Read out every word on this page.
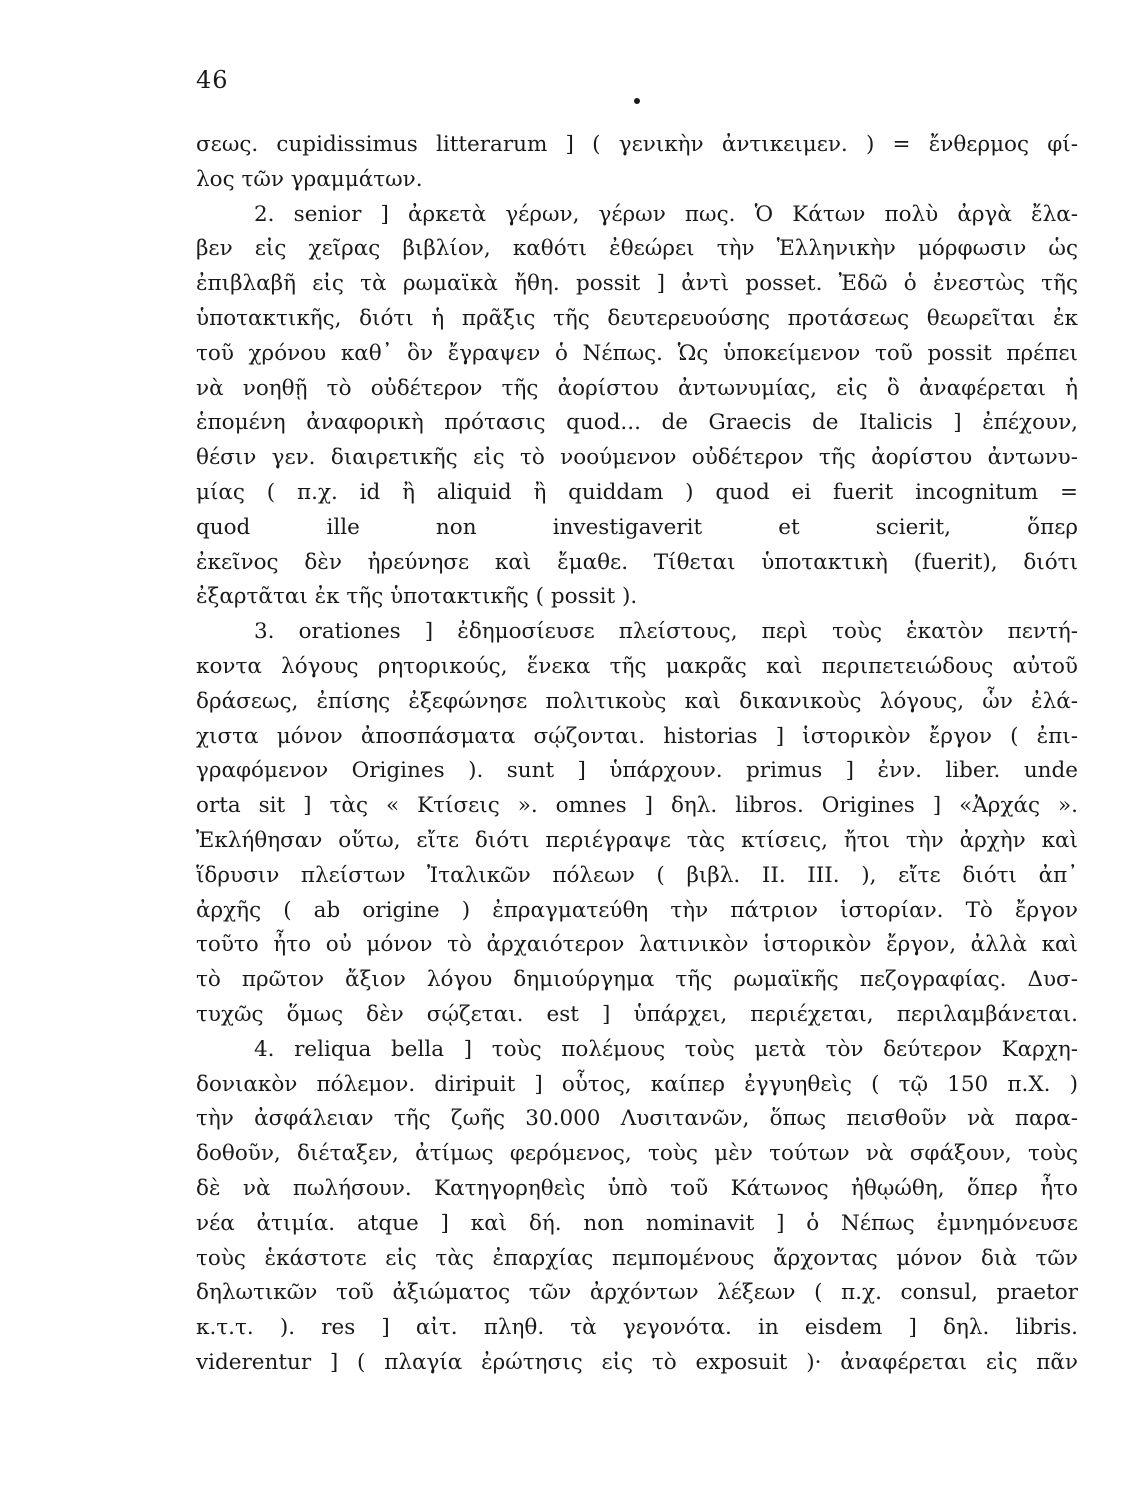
46
σεως. cupidissimus litterarum ] ( γενικὴν ἀντικειμεν. ) = ἔνθερμος φί-
λος τῶν γραμμάτων.
2. senior ] ἀρκετὰ γέρων, γέρων πως. Ὁ Κάτων πολὺ ἀργὰ ἔλα-
βεν εἰς χεῖρας βιβλίον, καθότι ἐθεώρει τὴν Ἑλληνικὴν μόρφωσιν ὡς
ἐπιβλαβῆ εἰς τὰ ρωμαϊκὰ ἤθη. possit ] ἀντὶ posset. Ἐδῶ ὁ ἐνεστὼς τῆς
ὑποτακτικῆς, διότι ἡ πρᾶξις τῆς δευτερευούσης προτάσεως θεωρεῖται ἐκ
τοῦ χρόνου καθ᾽ ὃν ἔγραψεν ὁ Νέπως. Ὡς ὑποκείμενον τοῦ possit πρέπει
νὰ νοηθῇ τὸ οὐδέτερον τῆς ἀορίστου ἀντωνυμίας, εἰς ὃ ἀναφέρεται ἡ
ἑπομένη ἀναφορικὴ πρότασις quod... de Graecis de Italicis ] ἐπέχουν,
θέσιν γεν. διαιρετικῆς εἰς τὸ νοούμενον οὐδέτερον τῆς ἀορίστου ἀντωνυ-
μίας ( π.χ. id ἢ aliquid ἢ quiddam ) quod ei fuerit incognitum =
quod ille non investigaverit et scierit, ὅπερ
ἐκεῖνος δὲν ἠρεύνησε καὶ ἔμαθε. Τίθεται ὑποτακτικὴ (fuerit), διότι
ἐξαρτᾶται ἐκ τῆς ὑποτακτικῆς ( possit ).
3. orationes ] ἐδημοσίευσε πλείστους, περὶ τοὺς ἑκατὸν πεντή-
κοντα λόγους ρητορικούς, ἕνεκα τῆς μακρᾶς καὶ περιπετειώδους αὐτοῦ
δράσεως, ἐπίσης ἐξεφώνησε πολιτικοὺς καὶ δικανικοὺς λόγους, ὧν ἐλά-
χιστα μόνον ἀποσπάσματα σῴζονται. historias ] ἱστορικὸν ἔργον ( ἐπι-
γραφόμενον Origines ). sunt ] ὑπάρχουν. primus ] ἐνν. liber. unde
orta sit ] τὰς « Κτίσεις ». omnes ] δηλ. libros. Origines ] «Ἀρχάς ».
Ἐκλήθησαν οὕτω, εἴτε διότι περιέγραψε τὰς κτίσεις, ἤτοι τὴν ἀρχὴν καὶ
ἵδρυσιν πλείστων Ἰταλικῶν πόλεων ( βιβλ. II. III. ), εἴτε διότι ἀπ᾽
ἀρχῆς ( ab origine ) ἐπραγματεύθη τὴν πάτριον ἱστορίαν. Τὸ ἔργον
τοῦτο ἦτο οὐ μόνον τὸ ἀρχαιότερον λατινικὸν ἱστορικὸν ἔργον, ἀλλὰ καὶ
τὸ πρῶτον ἄξιον λόγου δημιούργημα τῆς ρωμαϊκῆς πεζογραφίας. Δυσ-
τυχῶς ὅμως δὲν σῴζεται. est ] ὑπάρχει, περιέχεται, περιλαμβάνεται.
4. reliqua bella ] τοὺς πολέμους τοὺς μετὰ τὸν δεύτερον Καρχη-
δονιακὸν πόλεμον. diripuit ] οὗτος, καίπερ ἐγγυηθεὶς ( τῷ 150 π.Χ. )
τὴν ἀσφάλειαν τῆς ζωῆς 30.000 Λυσιτανῶν, ὅπως πεισθοῦν νὰ παρα-
δοθοῦν, διέταξεν, ἀτίμως φερόμενος, τοὺς μὲν τούτων νὰ σφάξουν, τοὺς
δὲ νὰ πωλήσουν. Κατηγορηθεὶς ὑπὸ τοῦ Κάτωνος ἠθῳώθη, ὅπερ ἦτο
νέα ἀτιμία. atque ] καὶ δή. non nominavit ] ὁ Νέπως ἐμνημόνευσε
τοὺς ἑκάστοτε εἰς τὰς ἐπαρχίας πεμπομένους ἄρχοντας μόνον διὰ τῶν
δηλωτικῶν τοῦ ἀξιώματος τῶν ἀρχόντων λέξεων ( π.χ. consul, praetor
κ.τ.τ. ). res ] αἰτ. πληθ. τὰ γεγονότα. in eisdem ] δηλ. libris.
viderentur ] ( πλαγία ἐρώτησις εἰς τὸ exposuit )· ἀναφέρεται εἰς πᾶν
